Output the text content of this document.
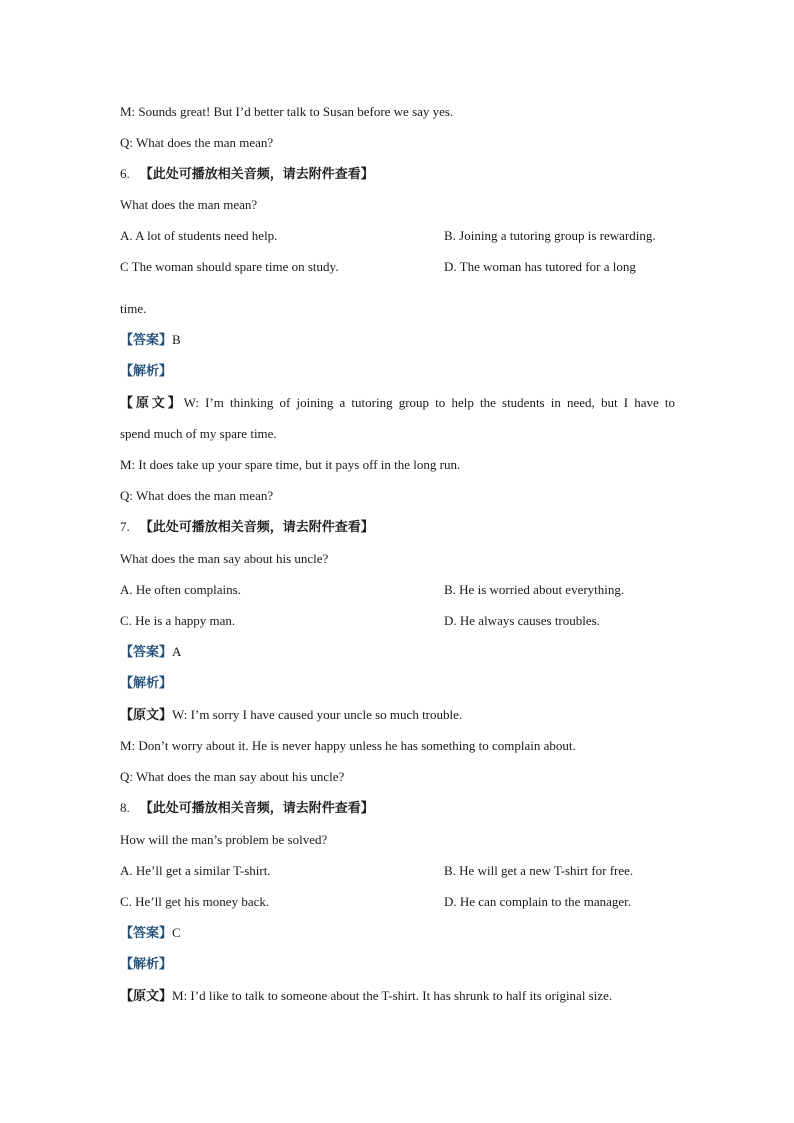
M: Sounds great! But I’d better talk to Susan before we say yes.
Q: What does the man mean?
6. 【此处可播放相关音频，请去附件查看】
What does the man mean?
A. A lot of students need help.	B. Joining a tutoring group is rewarding.
C The woman should spare time on study.	D. The woman has tutored for a long
time.
【答案】B
【解析】
【原文】W: I’m thinking of joining a tutoring group to help the students in need, but I have to
spend much of my spare time.
M: It does take up your spare time, but it pays off in the long run.
Q: What does the man mean?
7. 【此处可播放相关音频，请去附件查看】
What does the man say about his uncle?
A. He often complains.	B. He is worried about everything.
C. He is a happy man.	D. He always causes troubles.
【答案】A
【解析】
【原文】W: I’m sorry I have caused your uncle so much trouble.
M: Don’t worry about it. He is never happy unless he has something to complain about.
Q: What does the man say about his uncle?
8. 【此处可播放相关音频，请去附件查看】
How will the man’s problem be solved?
A. He’ll get a similar T-shirt.	B. He will get a new T-shirt for free.
C. He’ll get his money back.	D. He can complain to the manager.
【答案】C
【解析】
【原文】M: I’d like to talk to someone about the T-shirt. It has shrunk to half its original size.
